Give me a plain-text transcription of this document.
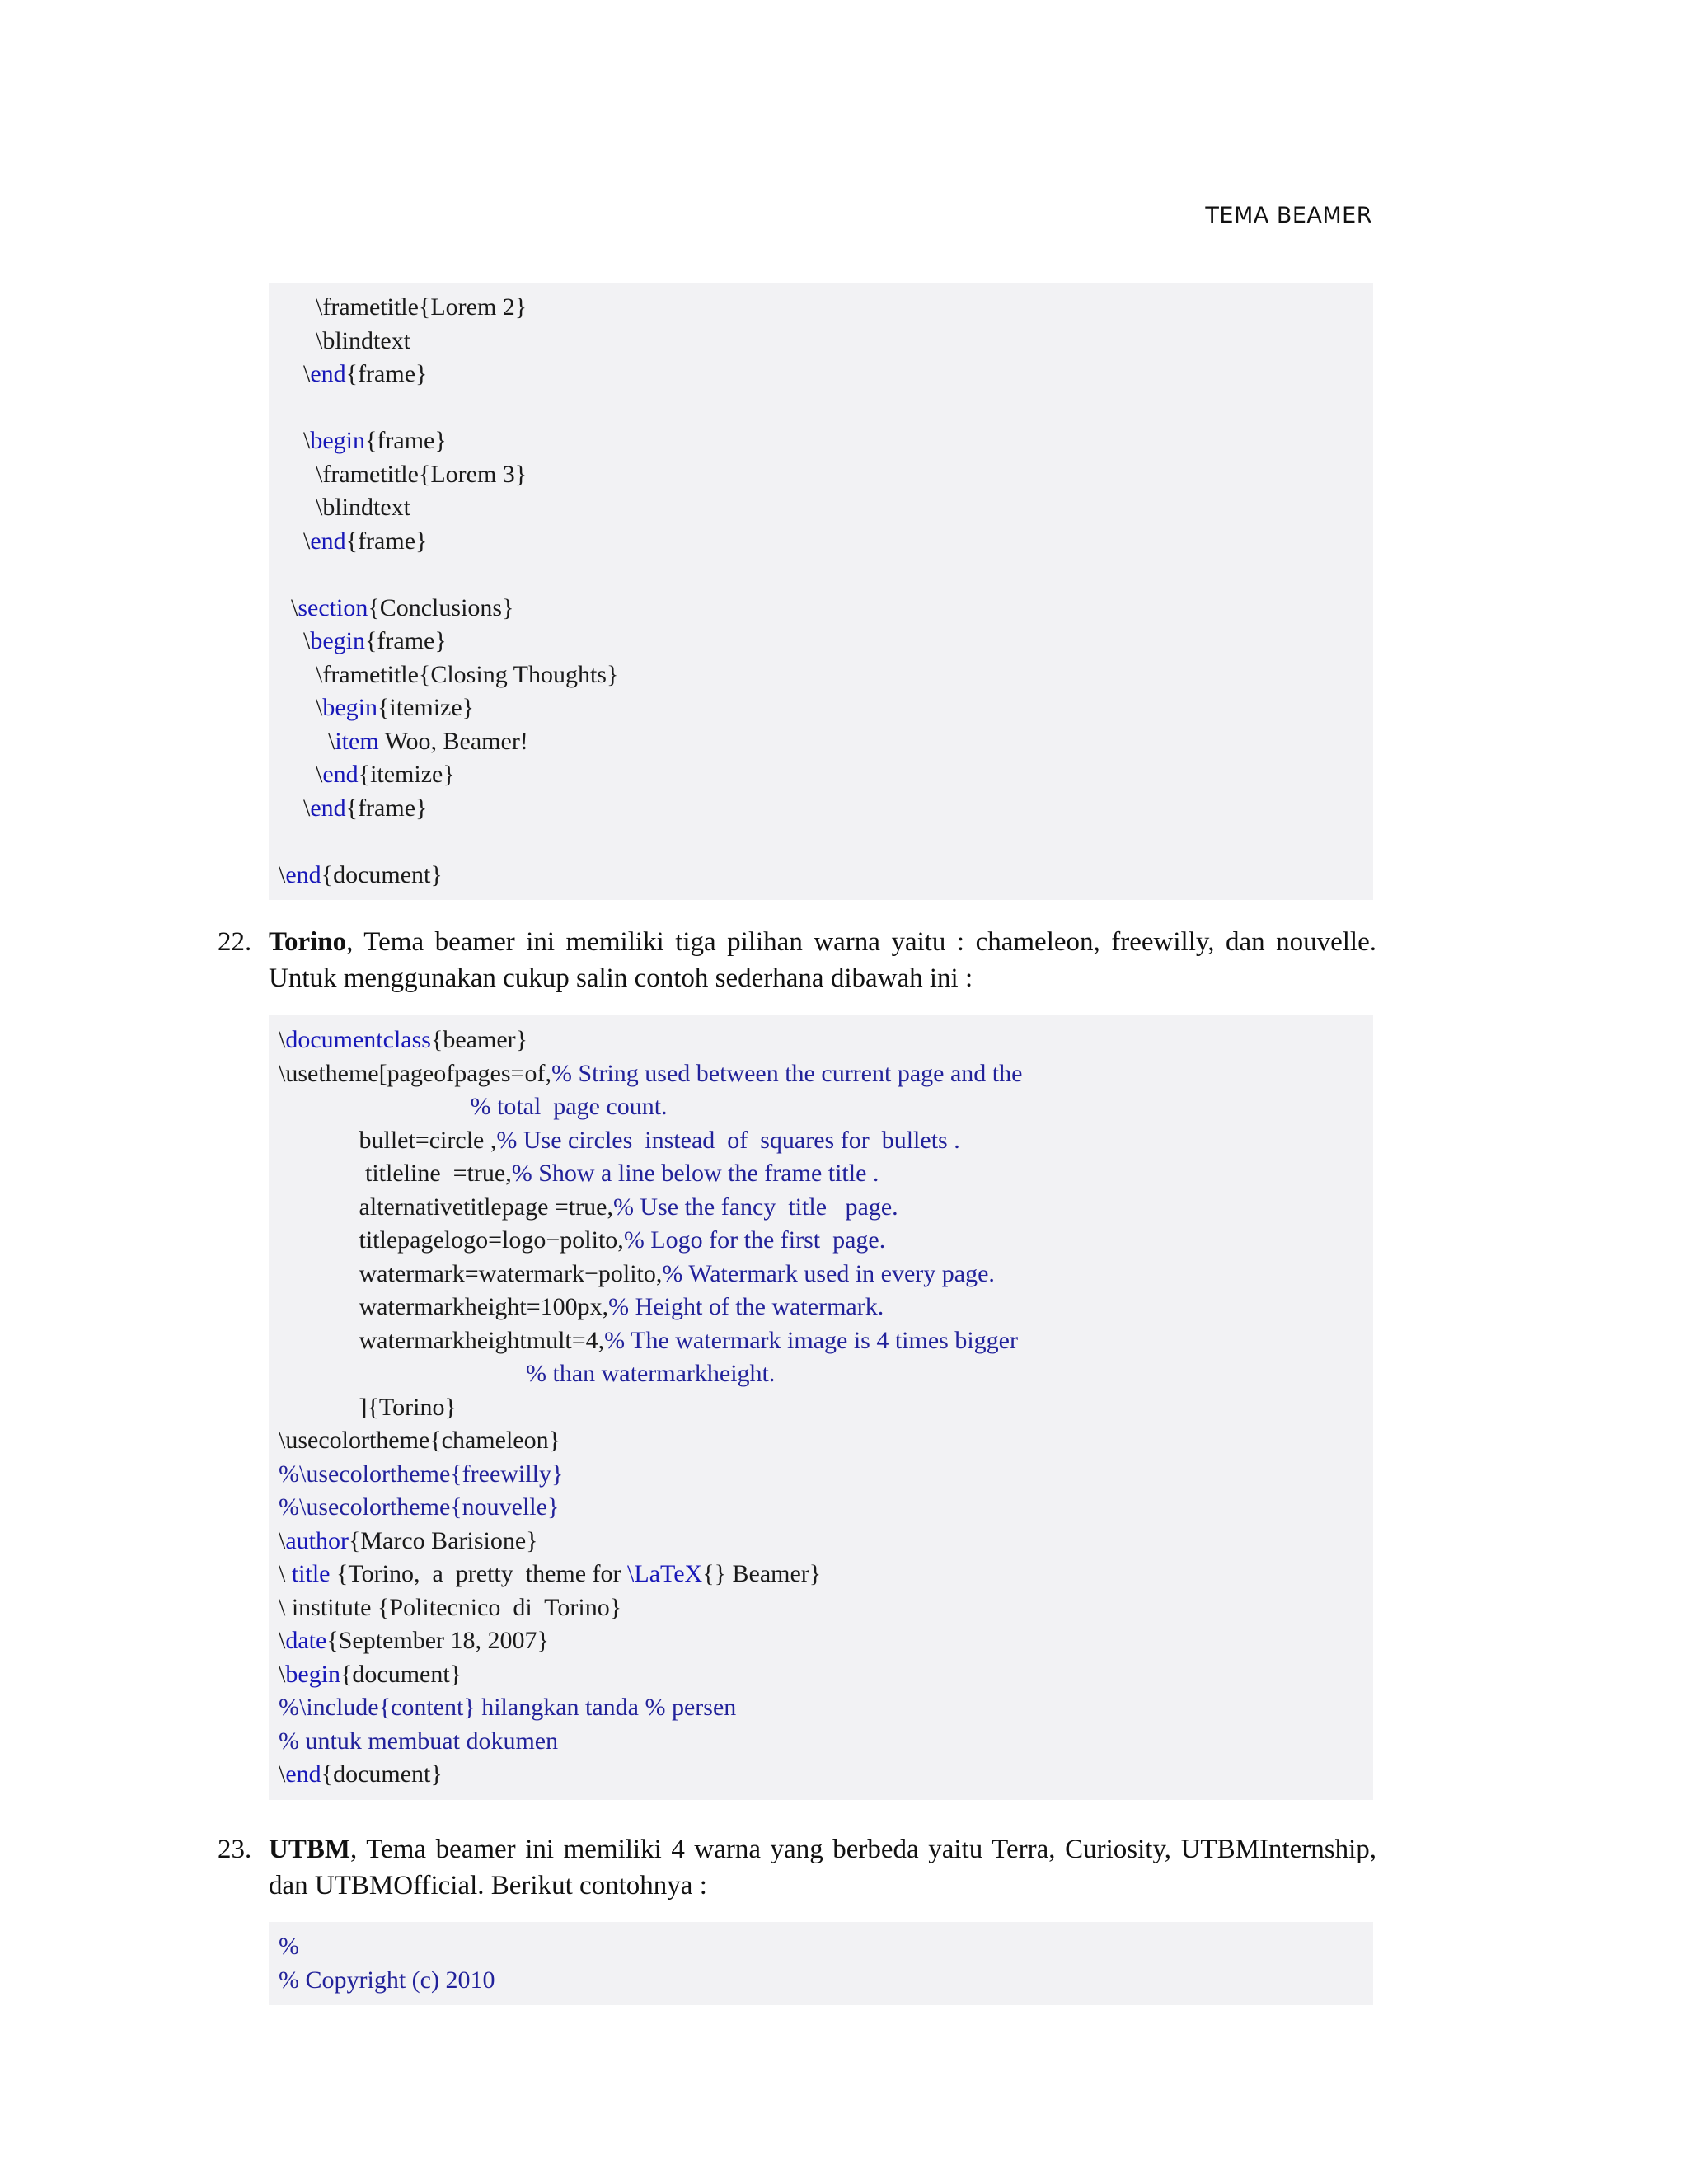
TEMA BEAMER
\frametitle{Lorem 2}
\blindtext
\end{frame}
\begin{frame}
\frametitle{Lorem 3}
\blindtext
\end{frame}
\section{Conclusions}
\begin{frame}
\frametitle{Closing Thoughts}
\begin{itemize}
\item Woo, Beamer!
\end{itemize}
\end{frame}
\end{document}
22. Torino, Tema beamer ini memiliki tiga pilihan warna yaitu : chameleon, freewilly, dan nouvelle. Untuk menggunakan cukup salin contoh sederhana dibawah ini :
\documentclass{beamer}
\usetheme[pageofpages=of,% String used between the current page and the
% total  page count.
bullet=circle ,% Use circles  instead  of  squares for  bullets .
titleline  =true,% Show a line below the frame title .
alternativetitlepage =true,% Use the fancy  title   page.
titlepagelogo=logo−polito,% Logo for the first  page.
watermark=watermark−polito,% Watermark used in every page.
watermarkheight=100px,% Height of the watermark.
watermarkheightmult=4,% The watermark image is 4 times bigger
% than watermarkheight.
]{Torino}
\usecolortheme{chameleon}
%\usecolortheme{freewilly}
%\usecolortheme{nouvelle}
\author{Marco Barisione}
\ title {Torino,  a  pretty  theme for \LaTeX{} Beamer}
\ institute {Politecnico  di  Torino}
\date{September 18, 2007}
\begin{document}
%\include{content} hilangkan tanda % persen
% untuk membuat dokumen
\end{document}
23. UTBM, Tema beamer ini memiliki 4 warna yang berbeda yaitu Terra, Curiosity, UTBMInternship, dan UTBMOfficial. Berikut contohnya :
%
% Copyright (c) 2010
